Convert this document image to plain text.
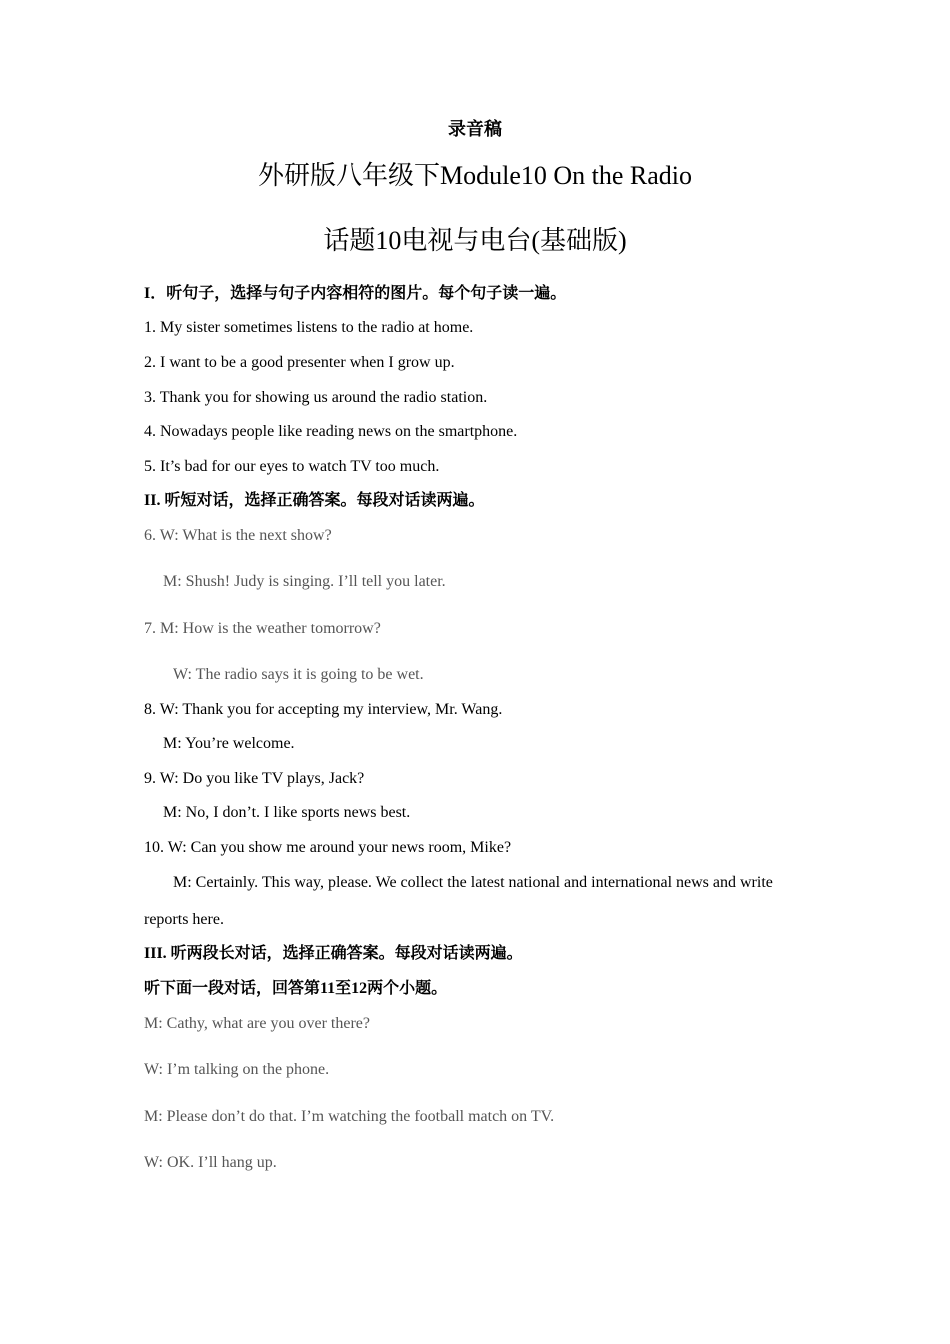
录音稿
外研版八年级下Module10 On the Radio
话题10电视与电台(基础版)
I．听句子，选择与句子内容相符的图片。每个句子读一遍。
1. My sister sometimes listens to the radio at home.
2. I want to be a good presenter when I grow up.
3. Thank you for showing us around the radio station.
4. Nowadays people like reading news on the smartphone.
5. It’s bad for our eyes to watch TV too much.
II. 听短对话，选择正确答案。每段对话读两遍。
6. W: What is the next show?
M: Shush! Judy is singing. I’ll tell you later.
7. M: How is the weather tomorrow?
W: The radio says it is going to be wet.
8. W: Thank you for accepting my interview, Mr. Wang.
M: You’re welcome.
9. W: Do you like TV plays, Jack?
M: No, I don’t. I like sports news best.
10. W: Can you show me around your news room, Mike?
M: Certainly. This way, please. We collect the latest national and international news and write
reports here.
III. 听两段长对话，选择正确答案。每段对话读两遍。
听下面一段对话，回答第11至12两个小题。
M: Cathy, what are you over there?
W: I’m talking on the phone.
M: Please don’t do that. I’m watching the football match on TV.
W: OK. I’ll hang up.
